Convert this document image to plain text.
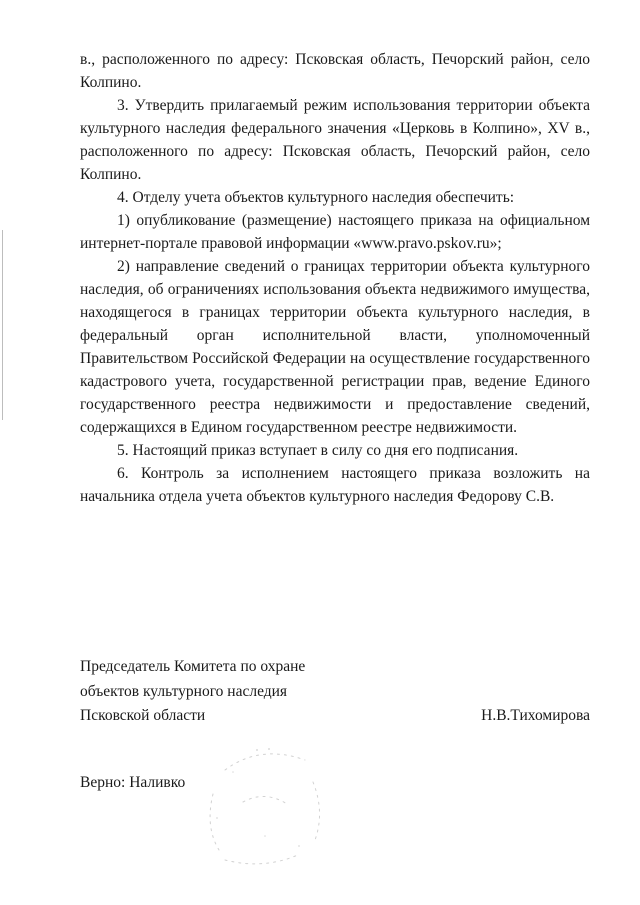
в., расположенного по адресу: Псковская область, Печорский район, село Колпино.

3. Утвердить прилагаемый режим использования территории объекта культурного наследия федерального значения «Церковь в Колпино», XV в., расположенного по адресу: Псковская область, Печорский район, село Колпино.

4. Отделу учета объектов культурного наследия обеспечить:

1) опубликование (размещение) настоящего приказа на официальном интернет-портале правовой информации «www.pravo.pskov.ru»;

2) направление сведений о границах территории объекта культурного наследия, об ограничениях использования объекта недвижимого имущества, находящегося в границах территории объекта культурного наследия, в федеральный орган исполнительной власти, уполномоченный Правительством Российской Федерации на осуществление государственного кадастрового учета, государственной регистрации прав, ведение Единого государственного реестра недвижимости и предоставление сведений, содержащихся в Едином государственном реестре недвижимости.

5. Настоящий приказ вступает в силу со дня его подписания.

6. Контроль за исполнением настоящего приказа возложить на начальника отдела учета объектов культурного наследия Федорову С.В.

Председатель Комитета по охране
объектов культурного наследия
Псковской области	Н.В.Тихомирова
Верно: Наливко
